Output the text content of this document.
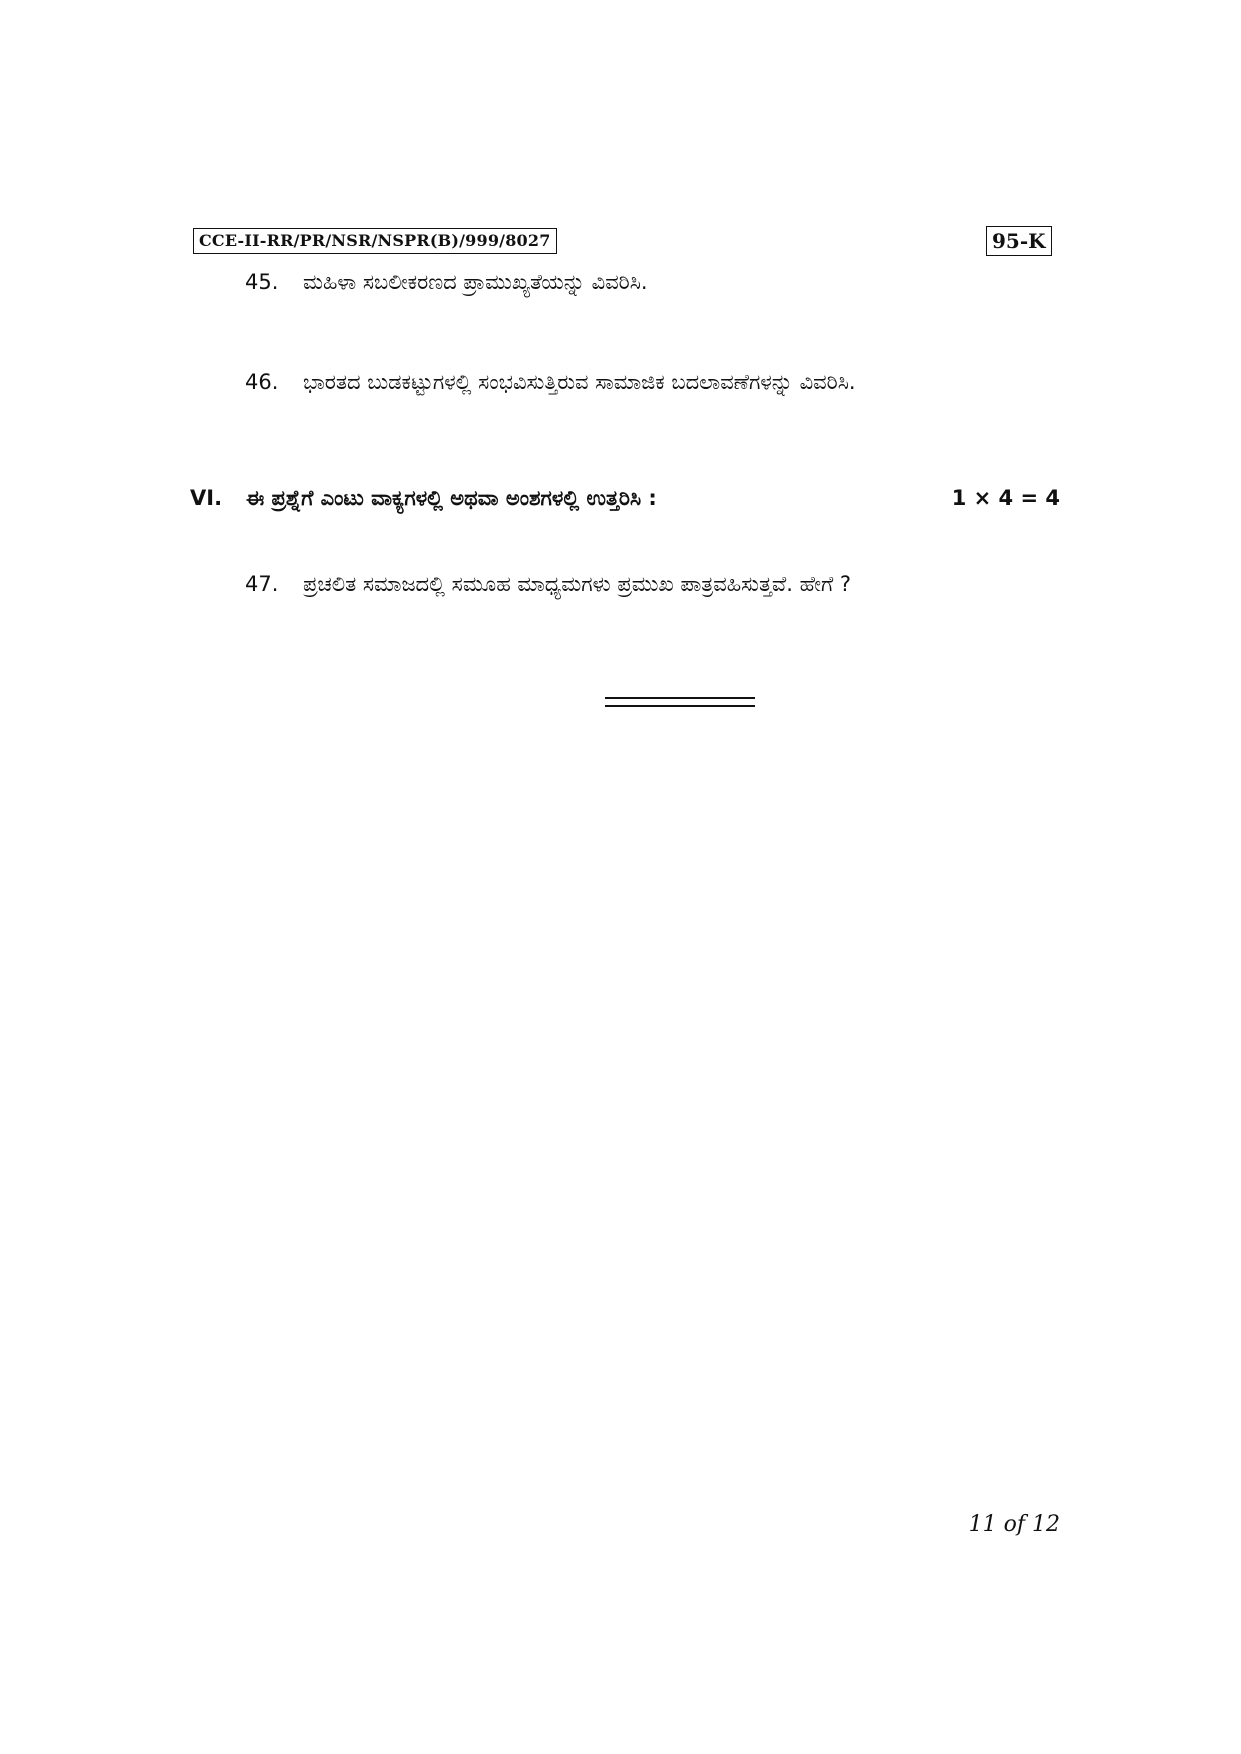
CCE-II-RR/PR/NSR/NSPR(B)/999/8027	95-K
45. ಮಹಿಳಾ ಸಬಲೀಕರಣದ ಪ್ರಾಮುಖ್ಯತೆಯನ್ನು ವಿವರಿಸಿ.
46. ಭಾರತದ ಬುಡಕಟ್ಟುಗಳಲ್ಲಿ ಸಂಭವಿಸುತ್ತಿರುವ ಸಾಮಾಜಿಕ ಬದಲಾವಣೆಗಳನ್ನು ವಿವರಿಸಿ.
VI. ಈ ಪ್ರಶ್ನೆಗೆ ಎಂಟು ವಾಕ್ಯಗಳಲ್ಲಿ ಅಥವಾ ಅಂಶಗಳಲ್ಲಿ ಉತ್ತರಿಸಿ :	1 × 4 = 4
47. ಪ್ರಚಲಿತ ಸಮಾಜದಲ್ಲಿ ಸಮೂಹ ಮಾಧ್ಯಮಗಳು ಪ್ರಮುಖ ಪಾತ್ರವಹಿಸುತ್ತವೆ. ಹೇಗೆ ?
11 of 12
